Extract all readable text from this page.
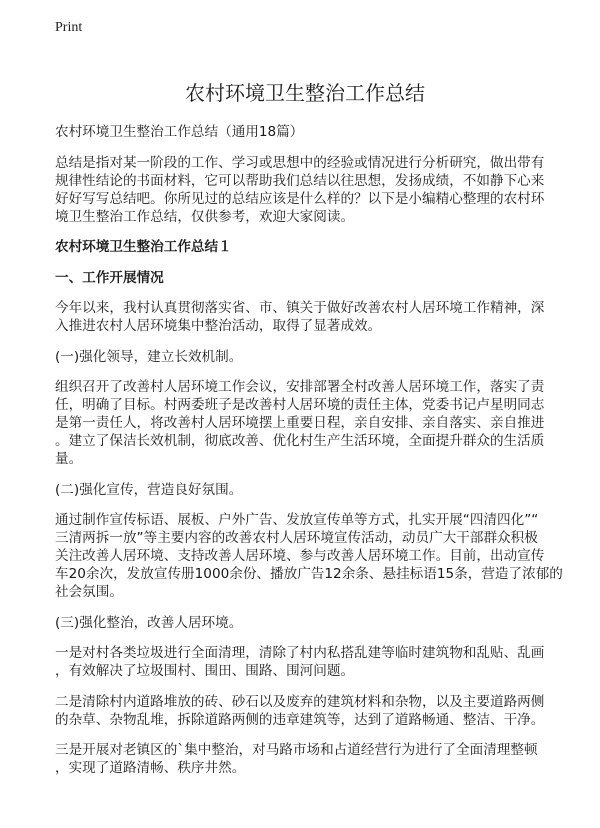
Print
农村环境卫生整治工作总结
农村环境卫生整治工作总结（通用18篇）
总结是指对某一阶段的工作、学习或思想中的经验或情况进行分析研究，做出带有
规律性结论的书面材料，它可以帮助我们总结以往思想，发扬成绩，不如静下心来
好好写写总结吧。你所见过的总结应该是什么样的？以下是小编精心整理的农村环
境卫生整治工作总结，仅供参考，欢迎大家阅读。
农村环境卫生整治工作总结１
一、工作开展情况
今年以来，我村认真贯彻落实省、市、镇关于做好改善农村人居环境工作精神，深
入推进农村人居环境集中整治活动，取得了显著成效。
(一)强化领导，建立长效机制。
组织召开了改善村人居环境工作会议，安排部署全村改善人居环境工作，落实了责
任，明确了目标。村两委班子是改善村人居环境的责任主体，党委书记卢星明同志
是第一责任人，将改善村人居环境摆上重要日程，亲自安排、亲自落实、亲自推进
。建立了保洁长效机制，彻底改善、优化村生产生活环境，全面提升群众的生活质
量。
(二)强化宣传，营造良好氛围。
通过制作宣传标语、展板、户外广告、发放宣传单等方式，扎实开展“四清四化”“
三清两拆一放”等主要内容的改善农村人居环境宣传活动，动员广大干部群众积极
关注改善人居环境、支持改善人居环境、参与改善人居环境工作。目前，出动宣传
车20余次，发放宣传册1000余份、播放广告12余条、悬挂标语15条，营造了浓郁的
社会氛围。
(三)强化整治，改善人居环境。
一是对村各类垃圾进行全面清理，清除了村内私搭乱建等临时建筑物和乱贴、乱画
，有效解决了垃圾围村、围田、围路、围河问题。
二是清除村内道路堆放的砖、砂石以及废弃的建筑材料和杂物，以及主要道路两侧
的杂草、杂物乱堆，拆除道路两侧的违章建筑等，达到了道路畅通、整洁、干净。
三是开展对老镇区的`集中整治，对马路市场和占道经营行为进行了全面清理整顿
，实现了道路清畅、秩序井然。
